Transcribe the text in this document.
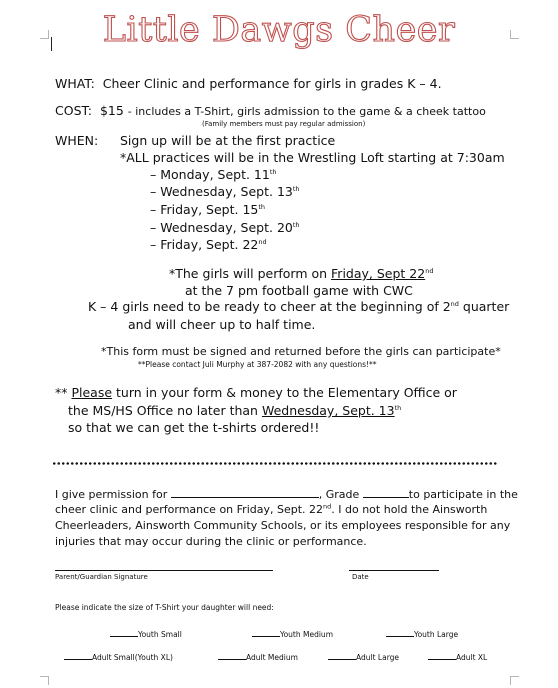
Little Dawgs Cheer
WHAT: Cheer Clinic and performance for girls in grades K – 4.
COST: $15 - includes a T-Shirt, girls admission to the game & a cheek tattoo
(Family members must pay regular admission)
WHEN: Sign up will be at the first practice
*ALL practices will be in the Wrestling Loft starting at 7:30am
– Monday, Sept. 11th
– Wednesday, Sept. 13th
– Friday, Sept. 15th
– Wednesday, Sept. 20th
– Friday, Sept. 22nd
*The girls will perform on Friday, Sept 22nd
at the 7 pm football game with CWC
K – 4 girls need to be ready to cheer at the beginning of 2nd quarter
and will cheer up to half time.
*This form must be signed and returned before the girls can participate*
**Please contact Juli Murphy at 387-2082 with any questions!**
** Please turn in your form & money to the Elementary Office or
the MS/HS Office no later than Wednesday, Sept. 13th
so that we can get the t-shirts ordered!!
I give permission for	, Grade	to participate in the
cheer clinic and performance on Friday, Sept. 22nd. I do not hold the Ainsworth
Cheerleaders, Ainsworth Community Schools, or its employees responsible for any
injuries that may occur during the clinic or performance.
Parent/Guardian Signature	Date
Please indicate the size of T-Shirt your daughter will need:
Youth Small	Youth Medium	Youth Large
Adult Small(Youth XL)	Adult Medium	Adult Large	Adult XL
